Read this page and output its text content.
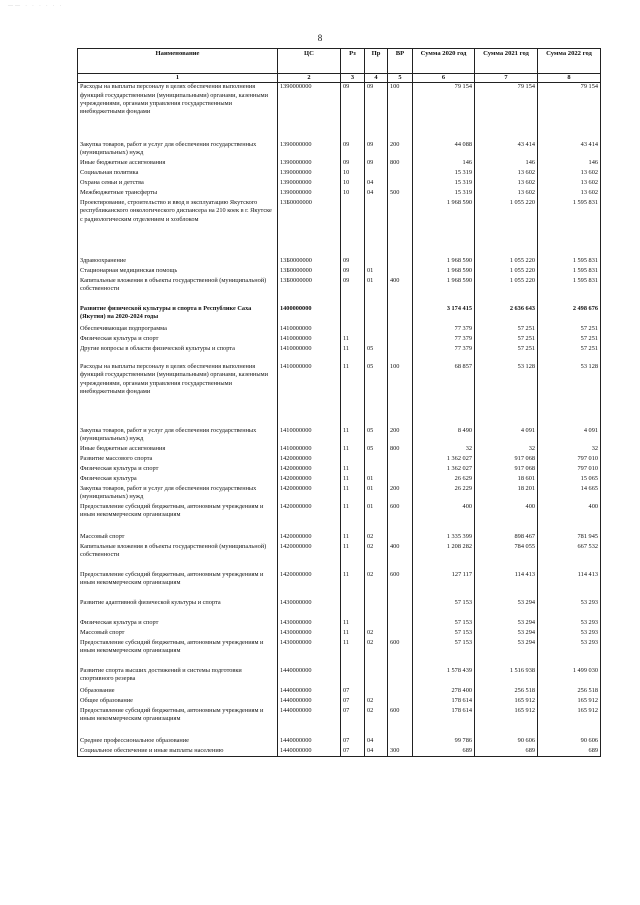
—— · · · · · ·
8
Наименование	ЦС	Рз	Пр	ВР	Сумма 2020 год	Сумма 2021 год	Сумма 2022 год
1	2	3	4	5	6	7	8
Расходы на выплаты персоналу в целях обеспечения выполнения функций государственными (муниципальными) органами, казенными учреждениями, органами управления государственными внебюджетными фондами	1390000000	09	09	100	79 154	79 154	79 154
Закупка товаров, работ и услуг для обеспечения государственных (муниципальных) нужд	1390000000	09	09	200	44 088	43 414	43 414
Иные бюджетные ассигнования	1390000000	09	09	800	146	146	146
Социальная политика	1390000000	10			15 319	13 602	13 602
Охрана семьи и детства	1390000000	10	04		15 319	13 602	13 602
Межбюджетные трансферты	1390000000	10	04	500	15 319	13 602	13 602
Проектирование, строительство и ввод в эксплуатацию Якутского республиканского онкологического диспансера на 210 коек в г. Якутске с радиологическим отделением и хозблоком	13Б0000000				1 968 590	1 055 220	1 595 831
Здравоохранение	13Б0000000	09			1 968 590	1 055 220	1 595 831
Стационарная медицинская помощь	13Б0000000	09	01		1 968 590	1 055 220	1 595 831
Капитальные вложения в объекты государственной (муниципальной) собственности	13Б0000000	09	01	400	1 968 590	1 055 220	1 595 831
Развитие физической культуры и спорта в Республике Саха (Якутия) на 2020-2024 годы	1400000000				3 174 415	2 636 643	2 498 676
Обеспечивающая подпрограмма	1410000000				77 379	57 251	57 251
Физическая культура и спорт	1410000000	11			77 379	57 251	57 251
Другие вопросы в области физической культуры и спорта	1410000000	11	05		77 379	57 251	57 251
Расходы на выплаты персоналу в целях обеспечения выполнения функций государственными (муниципальными) органами, казенными учреждениями, органами управления государственными внебюджетными фондами	1410000000	11	05	100	68 857	53 128	53 128
Закупка товаров, работ и услуг для обеспечения государственных (муниципальных) нужд	1410000000	11	05	200	8 490	4 091	4 091
Иные бюджетные ассигнования	1410000000	11	05	800	32	32	32
Развитие массового спорта	1420000000				1 362 027	917 068	797 010
Физическая культура и спорт	1420000000	11			1 362 027	917 068	797 010
Физическая культура	1420000000	11	01		26 629	18 601	15 065
Закупка товаров, работ и услуг для обеспечения государственных (муниципальных) нужд	1420000000	11	01	200	26 229	18 201	14 665
Предоставление субсидий бюджетным, автономным учреждениям и иным некоммерческим организациям	1420000000	11	01	600	400	400	400
Массовый спорт	1420000000	11	02		1 335 399	898 467	781 945
Капитальные вложения в объекты государственной (муниципальной) собственности	1420000000	11	02	400	1 208 282	784 055	667 532
Предоставление субсидий бюджетным, автономным учреждениям и иным некоммерческим организациям	1420000000	11	02	600	127 117	114 413	114 413
Развитие адаптивной физической культуры и спорта	1430000000				57 153	53 294	53 293
Физическая культура и спорт	1430000000	11			57 153	53 294	53 293
Массовый спорт	1430000000	11	02		57 153	53 294	53 293
Предоставление субсидий бюджетным, автономным учреждениям и иным некоммерческим организациям	1430000000	11	02	600	57 153	53 294	53 293
Развитие спорта высших достижений и системы подготовки спортивного резерва	1440000000				1 578 439	1 516 938	1 499 030
Образование	1440000000	07			278 400	256 518	256 518
Общее образование	1440000000	07	02		178 614	165 912	165 912
Предоставление субсидий бюджетным, автономным учреждениям и иным некоммерческим организациям	1440000000	07	02	600	178 614	165 912	165 912
Среднее профессиональное образование	1440000000	07	04		99 786	90 606	90 606
Социальное обеспечение и иные выплаты населению	1440000000	07	04	300	689	689	689
